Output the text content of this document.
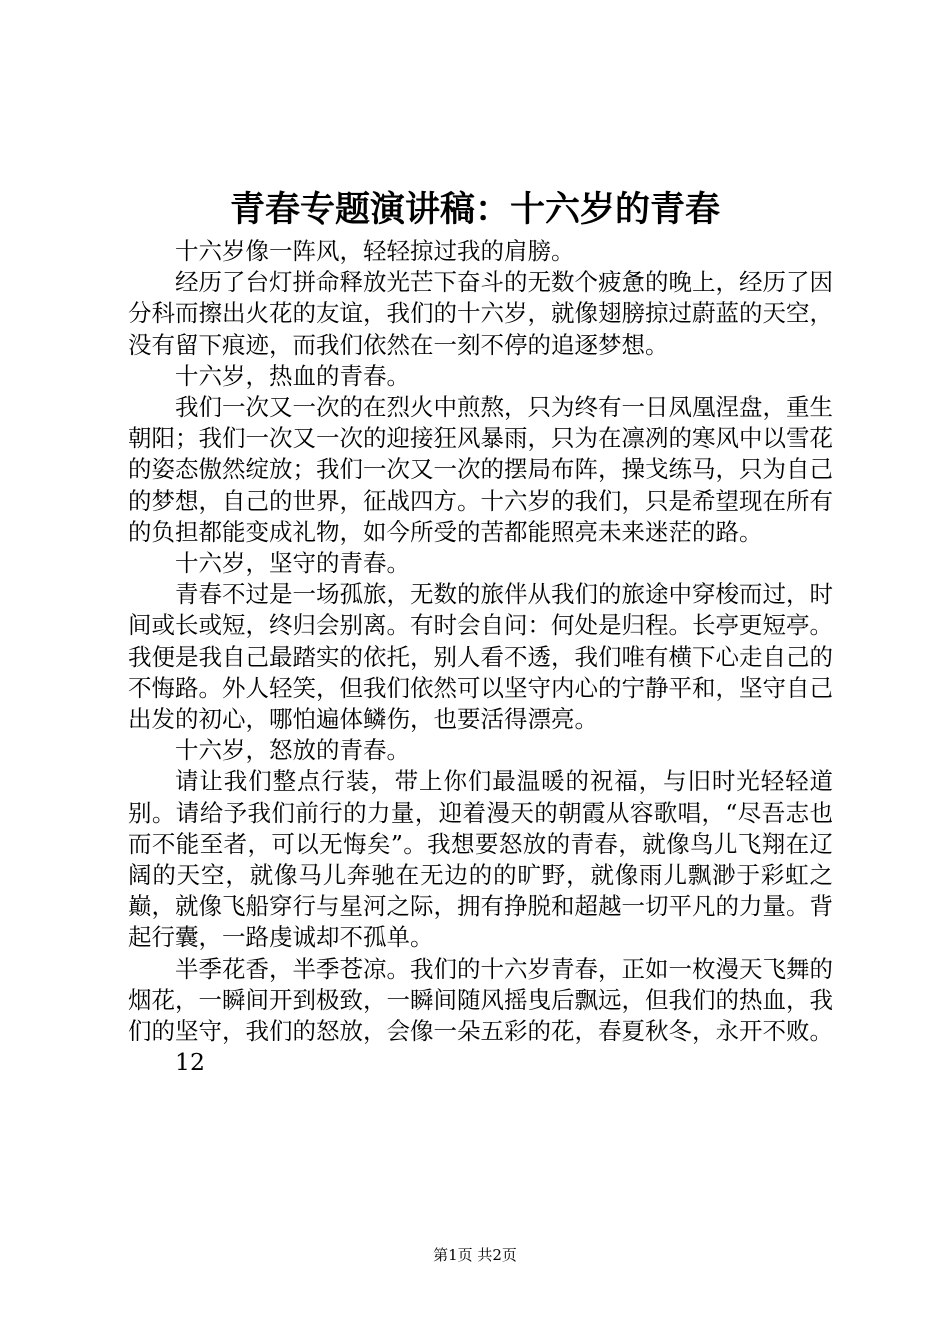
青春专题演讲稿：十六岁的青春

十六岁像一阵风，轻轻掠过我的肩膀。

经历了台灯拼命释放光芒下奋斗的无数个疲惫的晚上，经历了因分科而擦出火花的友谊，我们的十六岁，就像翅膀掠过蔚蓝的天空，没有留下痕迹，而我们依然在一刻不停的追逐梦想。

十六岁，热血的青春。

我们一次又一次的在烈火中煎熬，只为终有一日凤凰涅盘，重生朝阳；我们一次又一次的迎接狂风暴雨，只为在凛冽的寒风中以雪花的姿态傲然绽放；我们一次又一次的摆局布阵，操戈练马，只为自己的梦想，自己的世界，征战四方。十六岁的我们，只是希望现在所有的负担都能变成礼物，如今所受的苦都能照亮未来迷茫的路。

十六岁，坚守的青春。

青春不过是一场孤旅，无数的旅伴从我们的旅途中穿梭而过，时间或长或短，终归会别离。有时会自问：何处是归程。长亭更短亭。我便是我自己最踏实的依托，别人看不透，我们唯有横下心走自己的不悔路。外人轻笑，但我们依然可以坚守内心的宁静平和，坚守自己出发的初心，哪怕遍体鳞伤，也要活得漂亮。

十六岁，怒放的青春。

请让我们整点行装，带上你们最温暖的祝福，与旧时光轻轻道别。请给予我们前行的力量，迎着漫天的朝霞从容歌唱，“尽吾志也而不能至者，可以无悔矣”。我想要怒放的青春，就像鸟儿飞翔在辽阔的天空，就像马儿奔驰在无边的的旷野，就像雨儿飘渺于彩虹之巅，就像飞船穿行与星河之际，拥有挣脱和超越一切平凡的力量。背起行囊，一路虔诚却不孤单。

半季花香，半季苍凉。我们的十六岁青春，正如一枚漫天飞舞的烟花，一瞬间开到极致，一瞬间随风摇曳后飘远，但我们的热血，我们的坚守，我们的怒放，会像一朵五彩的花，春夏秋冬，永开不败。

12

第1页 共2页
